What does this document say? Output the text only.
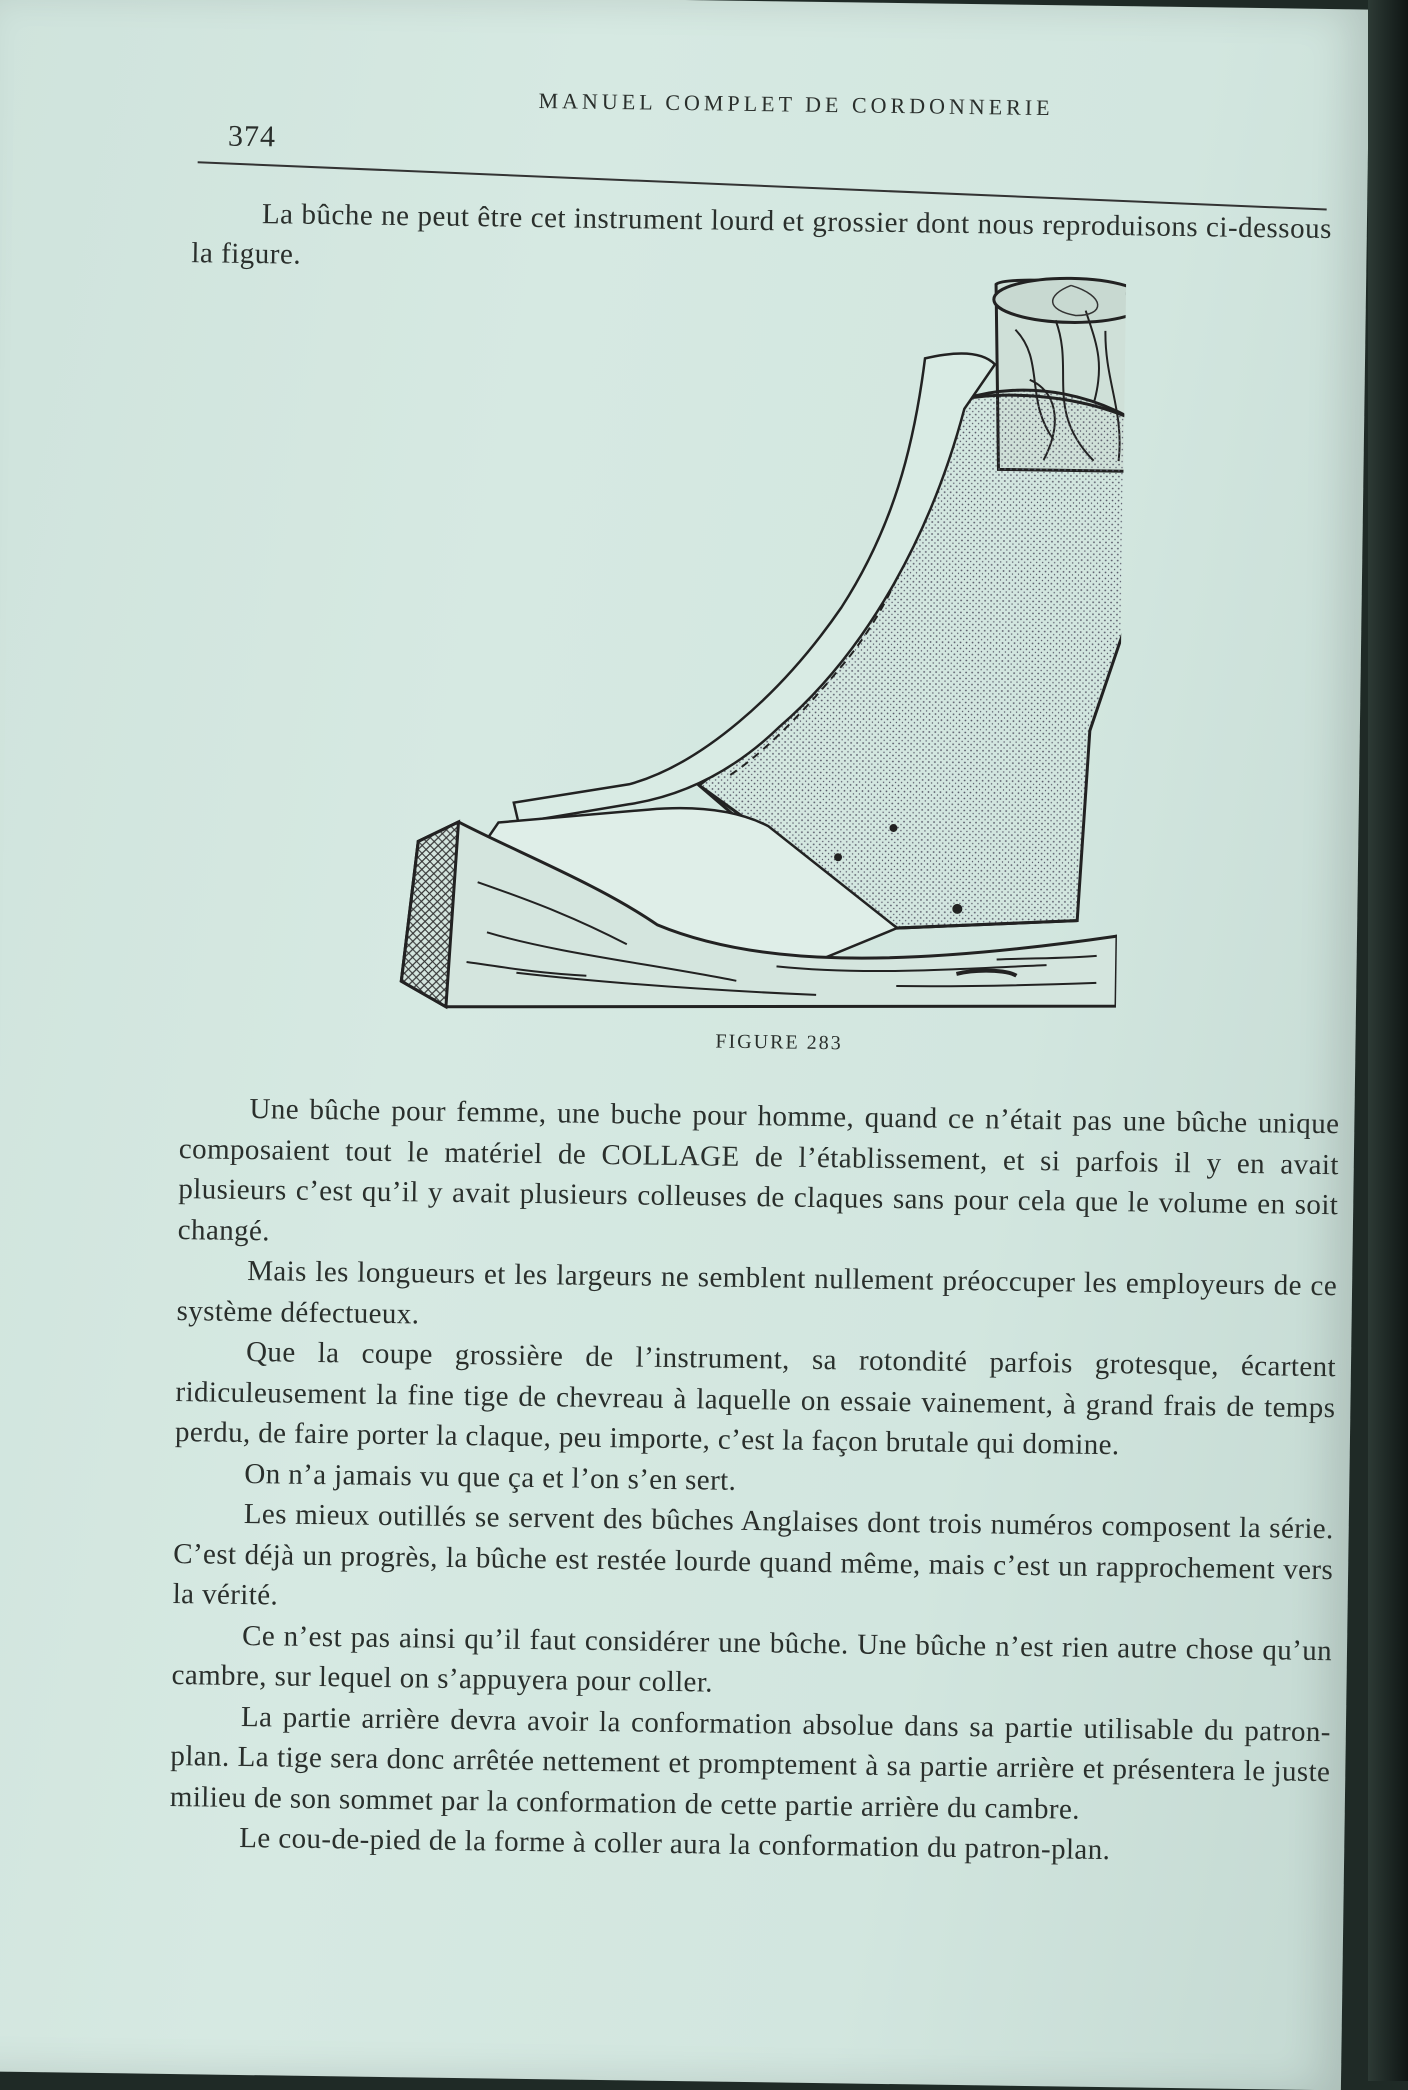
374
MANUEL COMPLET DE CORDONNERIE

La bûche ne peut être cet instrument lourd et grossier dont nous reproduisons ci-dessous la figure.

FIGURE 283

Une bûche pour femme, une buche pour homme, quand ce n’était pas une bûche unique composaient tout le matériel de COLLAGE de l’établissement, et si parfois il y en avait plusieurs c’est qu’il y avait plusieurs colleuses de claques sans pour cela que le volume en soit changé.

Mais les longueurs et les largeurs ne semblent nullement préoccuper les employeurs de ce système défectueux.

Que la coupe grossière de l’instrument, sa rotondité parfois grotesque, écartent ridiculeusement la fine tige de chevreau à laquelle on essaie vainement, à grand frais de temps perdu, de faire porter la claque, peu importe, c’est la façon brutale qui domine.

On n’a jamais vu que ça et l’on s’en sert.

Les mieux outillés se servent des bûches Anglaises dont trois numéros composent la série. C’est déjà un progrès, la bûche est restée lourde quand même, mais c’est un rapprochement vers la vérité.

Ce n’est pas ainsi qu’il faut considérer une bûche. Une bûche n’est rien autre chose qu’un cambre, sur lequel on s’appuyera pour coller.

La partie arrière devra avoir la conformation absolue dans sa partie utilisable du patron-plan. La tige sera donc arrêtée nettement et promptement à sa partie arrière et présentera le juste milieu de son sommet par la conformation de cette partie arrière du cambre.

Le cou-de-pied de la forme à coller aura la conformation du patron-plan.
